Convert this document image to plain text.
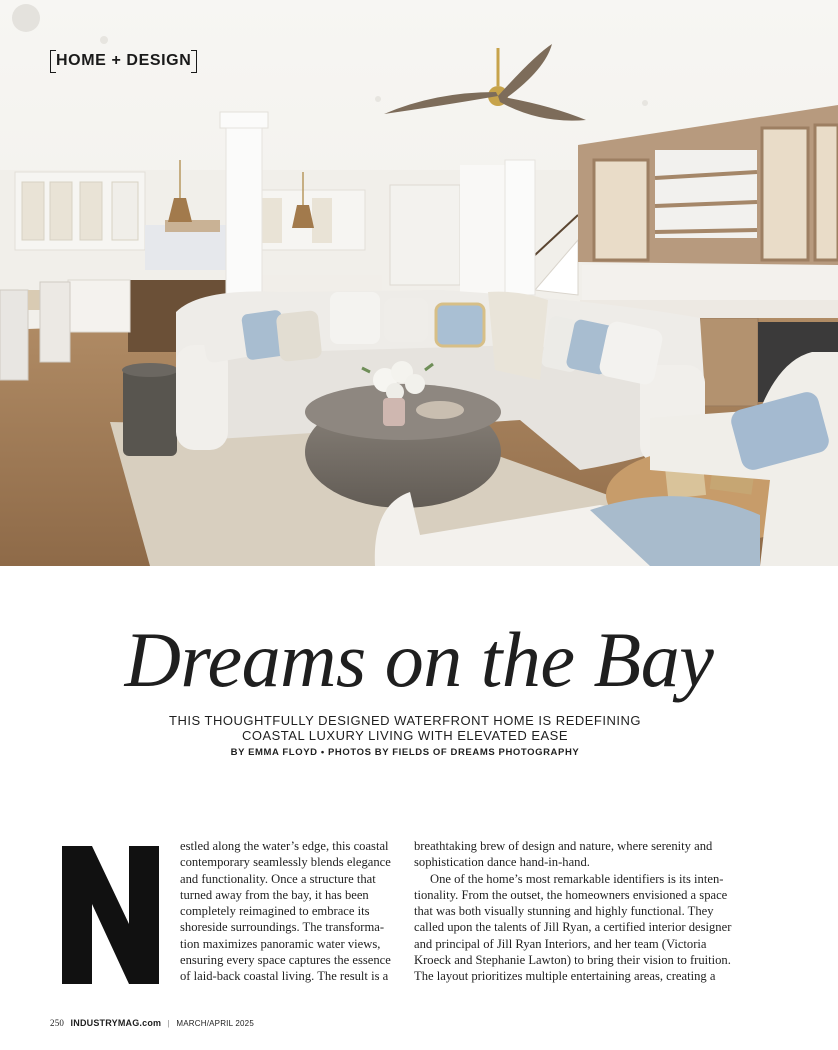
HOME + DESIGN
Dreams on the Bay
THIS THOUGHTFULLY DESIGNED WATERFRONT HOME IS REDEFINING
COASTAL LUXURY LIVING WITH ELEVATED EASE
BY EMMA FLOYD • PHOTOS BY FIELDS OF DREAMS PHOTOGRAPHY

estled along the water’s edge, this coastal
contemporary seamlessly blends elegance
and functionality. Once a structure that
turned away from the bay, it has been
completely reimagined to embrace its
shoreside surroundings. The transforma-
tion maximizes panoramic water views,
ensuring every space captures the essence
of laid-back coastal living. The result is a

breathtaking brew of design and nature, where serenity and
sophistication dance hand-in-hand.

One of the home’s most remarkable identifiers is its inten-
tionality. From the outset, the homeowners envisioned a space
that was both visually stunning and highly functional. They
called upon the talents of Jill Ryan, a certified interior designer
and principal of Jill Ryan Interiors, and her team (Victoria
Kroeck and Stephanie Lawton) to bring their vision to fruition.
The layout prioritizes multiple entertaining areas, creating a

250 INDUSTRYMAG.com | MARCH/APRIL 2025
